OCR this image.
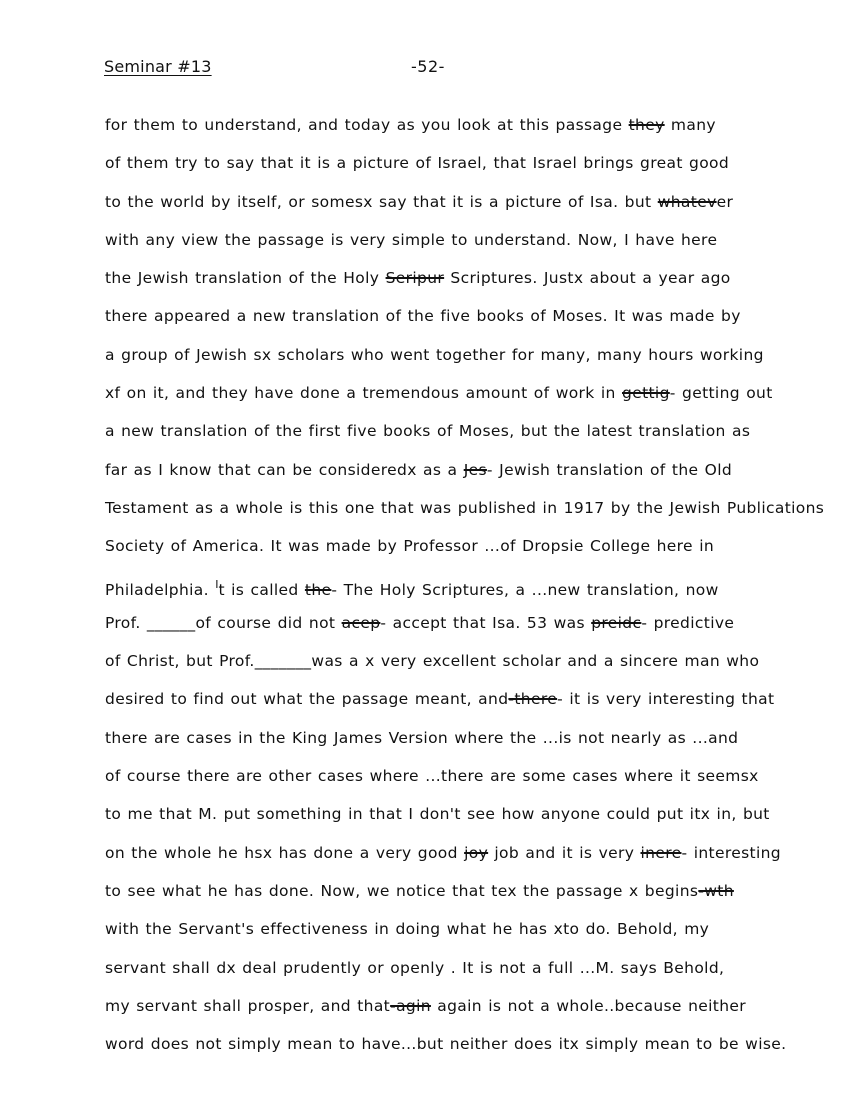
Seminar #13	-52-
for them to understand, and today as you look at this passage they many
of them try to say that it is a picture of Israel, that Israel brings great good
to the world by itself, or somesx say that it is a picture of Isa. but whatever
with any view the passage is very simple to understand. Now, I have here
the Jewish translation of the Holy Seripur Scriptures. Justx about a year ago
there appeared a new translation of the five books of Moses. It was made by
a group of Jewish sx scholars who went together for many, many hours working
xf on it, and they have done a tremendous amount of work in gettig- getting out
a new translation of the first five books of Moses, but the latest translation as
far as I know that can be consideredx as a Jes- Jewish translation of the Old
Testament as a whole is this one that was published in 1917 by the Jewish Publications
Society of America. It was made by Professor ...of Dropsie College here in
Philadelphia. $^I$t is called the- The Holy Scriptures, a ...new translation, now
Prof. ______of course did not acep- accept that Isa. 53 was preidc- predictive
of Christ, but Prof._______was a x very excellent scholar and a sincere man who
desired to find out what the passage meant, and-there- it is very interesting that
there are cases in the King James Version where the ...is not nearly as ...and
of course there are other cases where ...there are some cases where it seemsx
to me that M. put something in that I don't see how anyone could put itx in, but
on the whole he hsx has done a very good joy job and it is very inere- interesting
to see what he has done. Now, we notice that tex the passage x begins-wth
with the Servant's effectiveness in doing what he has xto do. Behold, my
servant shall dx deal prudently or openly . It is not a full ...M. says Behold,
my servant shall prosper, and that-agin again is not a whole..because neither
word does not simply mean to have...but neither does itx simply mean to be wise.
